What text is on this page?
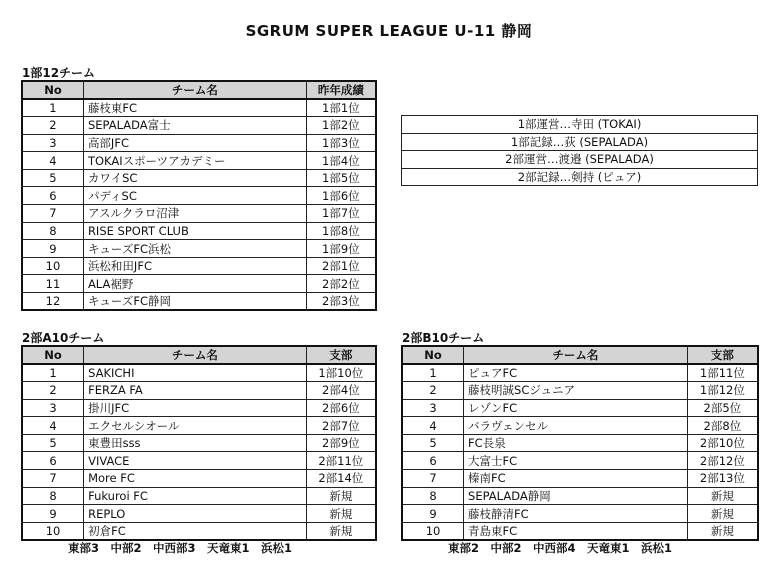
SGRUM SUPER LEAGUE U-11 静岡
1部12チーム
No	チーム名	昨年成績
1	藤枝東FC	1部1位
2	SEPALADA富士	1部2位
3	高部JFC	1部3位
4	TOKAIスポーツアカデミー	1部4位
5	カワイSC	1部5位
6	パディSC	1部6位
7	アスルクラロ沼津	1部7位
8	RISE SPORT CLUB	1部8位
9	キューズFC浜松	1部9位
10	浜松和田JFC	2部1位
11	ALA裾野	2部2位
12	キューズFC静岡	2部3位
1部運営…寺田 (TOKAI)
1部記録…荻 (SEPALADA)
2部運営…渡邉 (SEPALADA)
2部記録…剣持 (ピュア)
2部A10チーム
No	チーム名	支部
1	SAKICHI	1部10位
2	FERZA FA	2部4位
3	掛川JFC	2部6位
4	エクセルシオール	2部7位
5	東豊田sss	2部9位
6	VIVACE	2部11位
7	More FC	2部14位
8	Fukuroi FC	新規
9	REPLO	新規
10	初倉FC	新規
東部3　中部2　中西部3　天竜東1　浜松1
2部B10チーム
No	チーム名	支部
1	ピュアFC	1部11位
2	藤枝明誠SCジュニア	1部12位
3	レゾンFC	2部5位
4	バラヴェンセル	2部8位
5	FC長泉	2部10位
6	大富士FC	2部12位
7	榛南FC	2部13位
8	SEPALADA静岡	新規
9	藤枝静清FC	新規
10	青島東FC	新規
東部2　中部2　中西部4　天竜東1　浜松1
